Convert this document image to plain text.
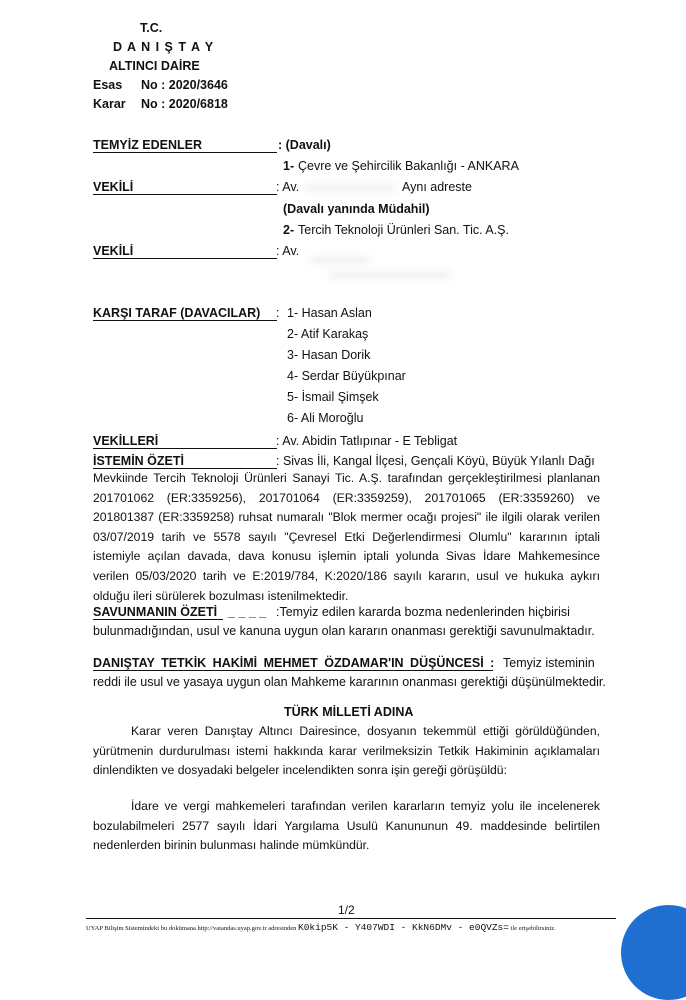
T.C.
D A N I Ş T A Y
ALTINCI DAİRE
Esas No : 2020/3646
Karar No : 2020/6818
TEMYİZ EDENLER	: (Davalı)
1- Çevre ve Şehircilik Bakanlığı - ANKARA
VEKİLİ	: Av.	Aynı adreste
(Davalı yanında Müdahil)
2- Tercih Teknoloji Ürünleri San. Tic. A.Ş.
VEKİLİ	: Av.
KARŞI TARAF (DAVACILAR) : 1- Hasan Aslan
2- Atif Karakaş
3- Hasan Dorik
4- Serdar Büyükpınar
5- İsmail Şimşek
6- Ali Moroğlu
VEKİLLERİ	: Av. Abidin Tatlıpınar - E Tebligat
İSTEMİN ÖZETİ	: Sivas İli, Kangal İlçesi, Gençali Köyü, Büyük Yılanlı Dağı
Mevkiinde Tercih Teknoloji Ürünleri Sanayi Tic. A.Ş. tarafından gerçekleştirilmesi planlanan
201701062 (ER:3359256), 201701064 (ER:3359259), 201701065 (ER:3359260) ve
201801387 (ER:3359258) ruhsat numaralı "Blok mermer ocağı projesi" ile ilgili olarak verilen
03/07/2019 tarih ve 5578 sayılı "Çevresel Etki Değerlendirmesi Olumlu" kararının iptali
istemiyle açılan davada, dava konusu işlemin iptali yolunda Sivas İdare Mahkemesince
verilen 05/03/2020 tarih ve E:2019/784, K:2020/186 sayılı kararın, usul ve hukuka aykırı
olduğu ileri sürülerek bozulması istenilmektedir.
SAVUNMANIN ÖZETİ _ _ _ _ :Temyiz edilen kararda bozma nedenlerinden hiçbirisi
bulunmadığından, usul ve kanuna uygun olan kararın onanması gerektiği savunulmaktadır.
DANIŞTAY TETKİK HAKİMİ MEHMET ÖZDAMAR'IN DÜŞÜNCESİ : Temyiz isteminin
reddi ile usul ve yasaya uygun olan Mahkeme kararının onanması gerektiği düşünülmektedir.
TÜRK MİLLETİ ADINA
Karar veren Danıştay Altıncı Dairesince, dosyanın tekemmül ettiği görüldüğünden,
yürütmenin durdurulması istemi hakkında karar verilmeksizin Tetkik Hakiminin açıklamaları
dinlendikten ve dosyadaki belgeler incelendikten sonra işin gereği görüşüldü:
İdare ve vergi mahkemeleri tarafından verilen kararların temyiz yolu ile incelenerek
bozulabilmeleri 2577 sayılı İdari Yargılama Usulü Kanununun 49. maddesinde belirtilen
nedenlerden birinin bulunması halinde mümkündür.
1/2
UYAP Bilişim Sistemindeki bu dokümana http://vatandas.uyap.gov.tr adresinden K0kip5K - Y407WDI - KkN6DMv - e0QVZs= ile erişebilirsiniz.
